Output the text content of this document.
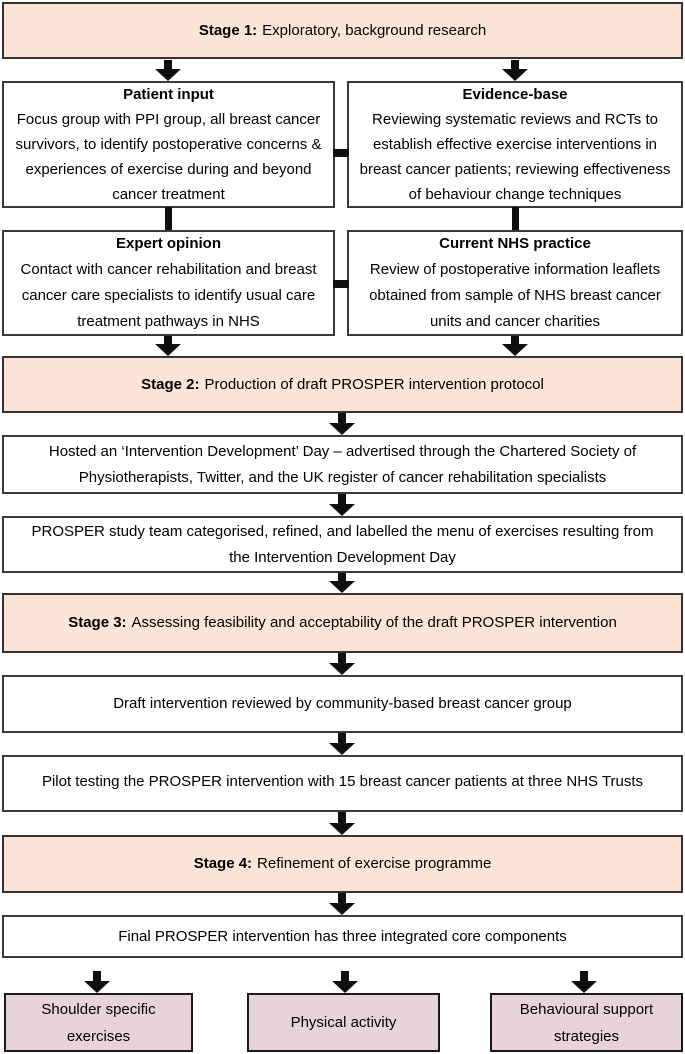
Stage 1: Exploratory, background research
Patient input
Focus group with PPI group, all breast cancer survivors, to identify postoperative concerns & experiences of exercise during and beyond cancer treatment
Evidence-base
Reviewing systematic reviews and RCTs to establish effective exercise interventions in breast cancer patients; reviewing effectiveness of behaviour change techniques
Expert opinion
Contact with cancer rehabilitation and breast cancer care specialists to identify usual care treatment pathways in NHS
Current NHS practice
Review of postoperative information leaflets obtained from sample of NHS breast cancer units and cancer charities
Stage 2: Production of draft PROSPER intervention protocol
Hosted an ‘Intervention Development’ Day – advertised through the Chartered Society of Physiotherapists, Twitter, and the UK register of cancer rehabilitation specialists
PROSPER study team categorised, refined, and labelled the menu of exercises resulting from the Intervention Development Day
Stage 3: Assessing feasibility and acceptability of the draft PROSPER intervention
Draft intervention reviewed by community-based breast cancer group
Pilot testing the PROSPER intervention with 15 breast cancer patients at three NHS Trusts
Stage 4: Refinement of exercise programme
Final PROSPER intervention has three integrated core components
Shoulder specific exercises
Physical activity
Behavioural support strategies
